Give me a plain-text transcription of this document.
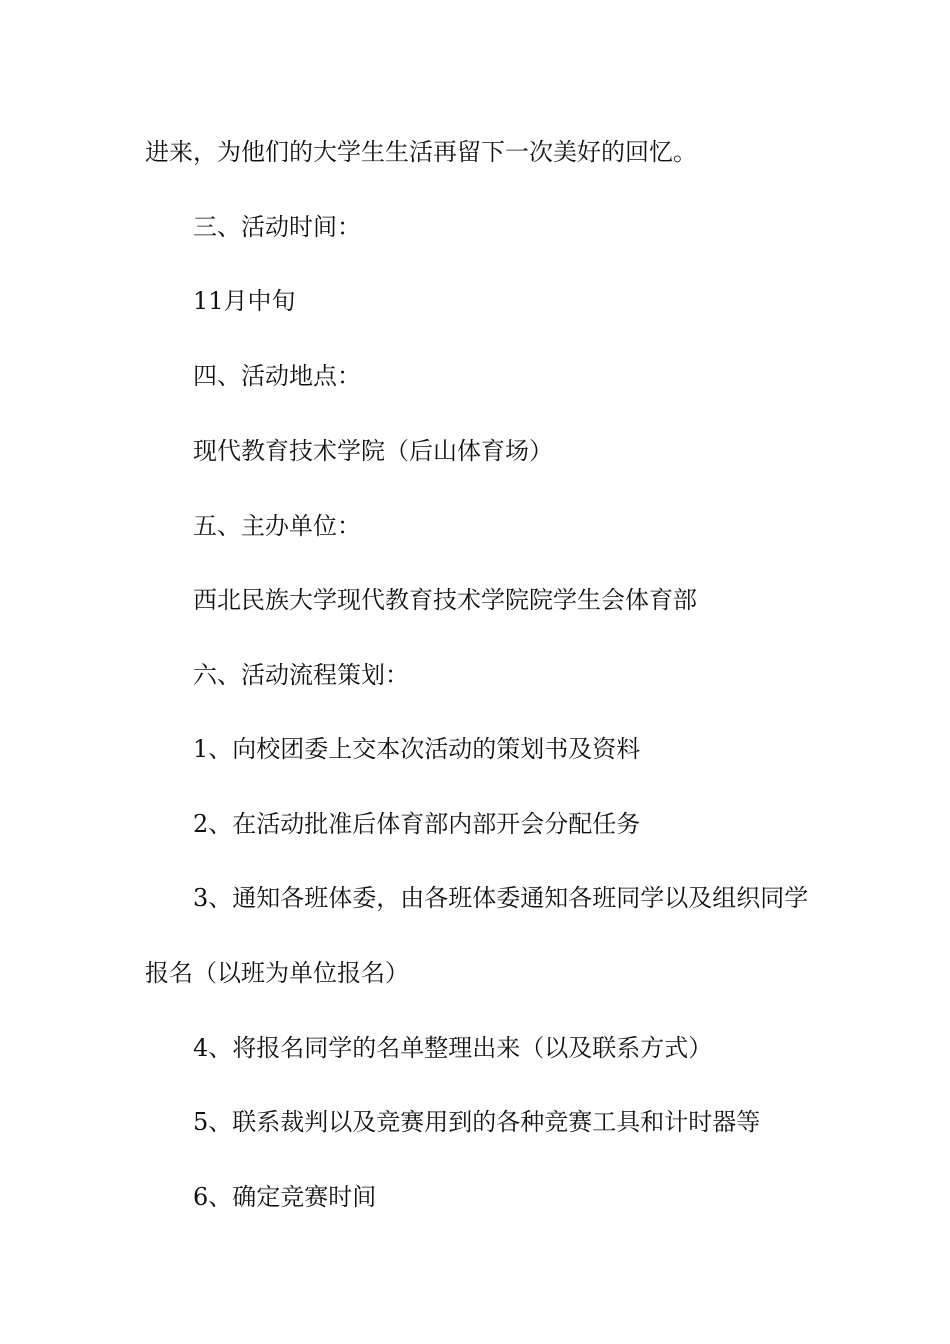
进来，为他们的大学生生活再留下一次美好的回忆。
三、活动时间：
11月中旬
四、活动地点：
现代教育技术学院（后山体育场）
五、主办单位：
西北民族大学现代教育技术学院院学生会体育部
六、活动流程策划：
1、向校团委上交本次活动的策划书及资料
2、在活动批准后体育部内部开会分配任务
3、通知各班体委，由各班体委通知各班同学以及组织同学
报名（以班为单位报名）
4、将报名同学的名单整理出来（以及联系方式）
5、联系裁判以及竞赛用到的各种竞赛工具和计时器等
6、确定竞赛时间
